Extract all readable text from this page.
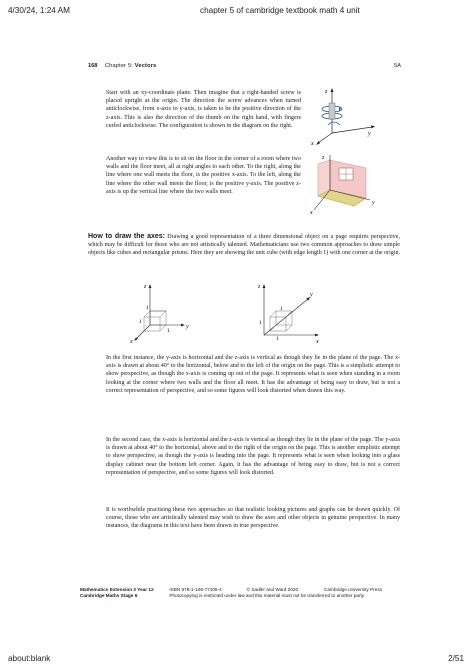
4/30/24, 1:24 AM	chapter 5 of cambridge textbook math 4 unit
168 Chapter 5: Vectors	5A

Start with an xy-coordinate plane. Then imagine that a right-handed screw is placed upright at the origin. The direction the screw advances when turned anticlockwise, from x-axis to y-axis, is taken to be the positive direction of the z-axis. This is also the direction of the thumb on the right hand, with fingers curled anticlockwise. The configuration is shown in the diagram on the right.

z
y
x

Another way to view this is to sit on the floor in the corner of a room where two walls and the floor meet, all at right angles to each other. To the right, along the line where one wall meets the floor, is the positive x-axis. To the left, along the line where the other wall meets the floor, is the positive y-axis. The positive z-axis is up the vertical line where the two walls meet.

z
y
x
How to draw the axes: Drawing a good representation of a three dimensional object on a page requires perspective, which may be difficult for those who are not artistically talented. Mathematicians use two common approaches to draw simple objects like cubes and rectangular prisms. Here they are showing the unit cube (with edge length 1) with one corner at the origin.
z
y
x
1
1
1
z
y
x
1
1
1

In the first instance, the y-axis is horizontal and the z-axis is vertical as though they lie in the plane of the page. The x-axis is drawn at about 40° to the horizontal, below and to the left of the origin on the page. This is a simplistic attempt to show perspective, as though the x-axis is coming up out of the page. It represents what is seen when standing in a room looking at the corner where two walls and the floor all meet. It has the advantage of being easy to draw, but is not a correct representation of perspective, and so some figures will look distorted when drawn this way.

In the second case, the x-axis is horizontal and the z-axis is vertical as though they lie in the plane of the page. The y-axis is drawn at about 40° to the horizontal, above and to the right of the origin on the page. This is another simplistic attempt to show perspective, as though the y-axis is heading into the page. It represents what is seen when looking into a glass display cabinet near the bottom left corner. Again, it has the advantage of being easy to draw, but is not a correct representation of perspective, and so some figures will look distorted.

It is worthwhile practising these two approaches so that realistic looking pictures and graphs can be drawn quickly. Of course, those who are artistically talented may wish to draw the axes and other objects in genuine perspective. In many instances, the diagrams in this text have been drawn in true perspective.

Mathematics Extension 2 Year 12	ISBN 978-1-108-77105-4	© Sadler and Ward 2020	Cambridge University Press
Cambridge Maths Stage 6	Photocopying is restricted under law and this material must not be transferred to another party
.
about:blank	2/51
